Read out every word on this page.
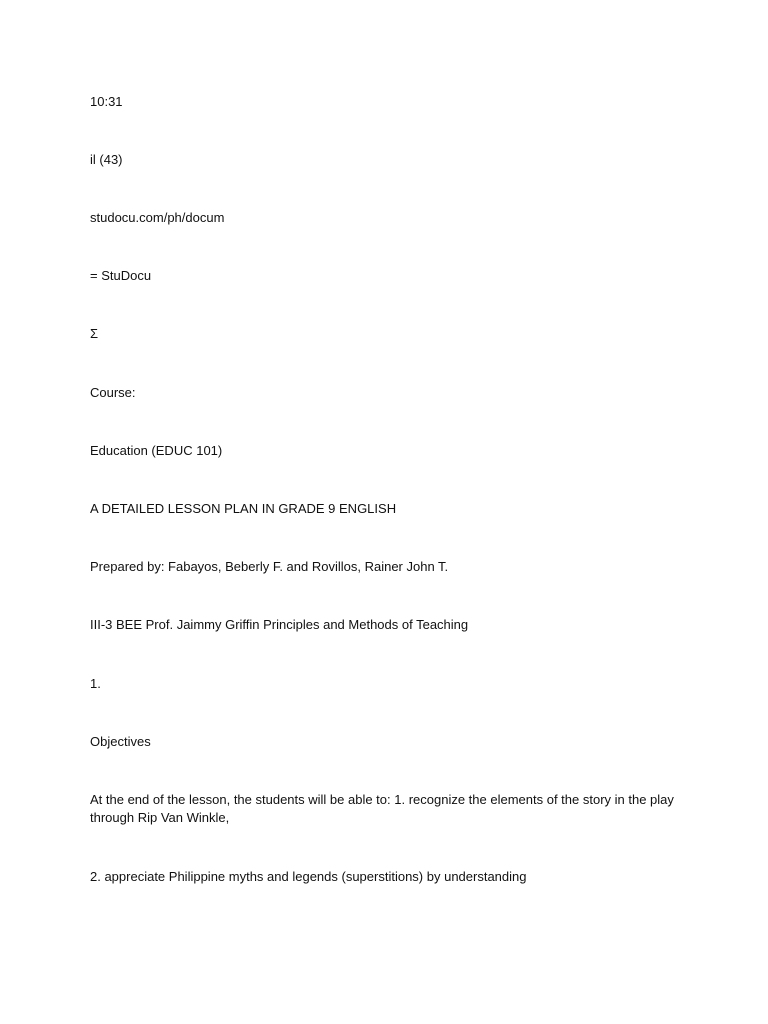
10:31
il (43)
studocu.com/ph/docum
= StuDocu
Σ
Course:
Education (EDUC 101)
A DETAILED LESSON PLAN IN GRADE 9 ENGLISH
Prepared by: Fabayos, Beberly F. and Rovillos, Rainer John T.
III-3 BEE Prof. Jaimmy Griffin Principles and Methods of Teaching
1.
Objectives
At the end of the lesson, the students will be able to: 1. recognize the elements of the story in the play through Rip Van Winkle,
2. appreciate Philippine myths and legends (superstitions) by understanding
